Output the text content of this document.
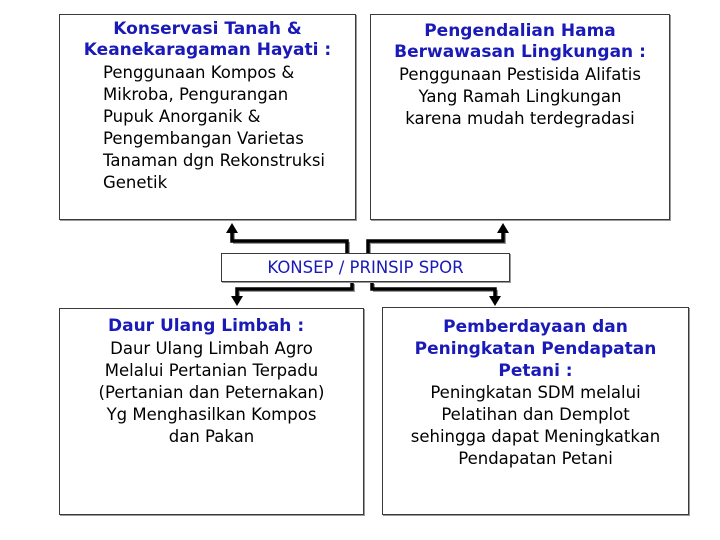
Konservasi Tanah &
Keanekaragaman Hayati :
Penggunaan Kompos &
Mikroba, Pengurangan
Pupuk Anorganik &
Pengembangan Varietas
Tanaman dgn Rekonstruksi
Genetik
Pengendalian Hama
Berwawasan Lingkungan :
Penggunaan Pestisida Alifatis
Yang Ramah Lingkungan
karena mudah terdegradasi
KONSEP / PRINSIP SPOR
Daur Ulang Limbah :
Daur Ulang Limbah Agro
Melalui Pertanian Terpadu
(Pertanian dan Peternakan)
Yg Menghasilkan Kompos
dan Pakan
Pemberdayaan dan
Peningkatan Pendapatan
Petani :
Peningkatan SDM melalui
Pelatihan dan Demplot
sehingga dapat Meningkatkan
Pendapatan Petani
